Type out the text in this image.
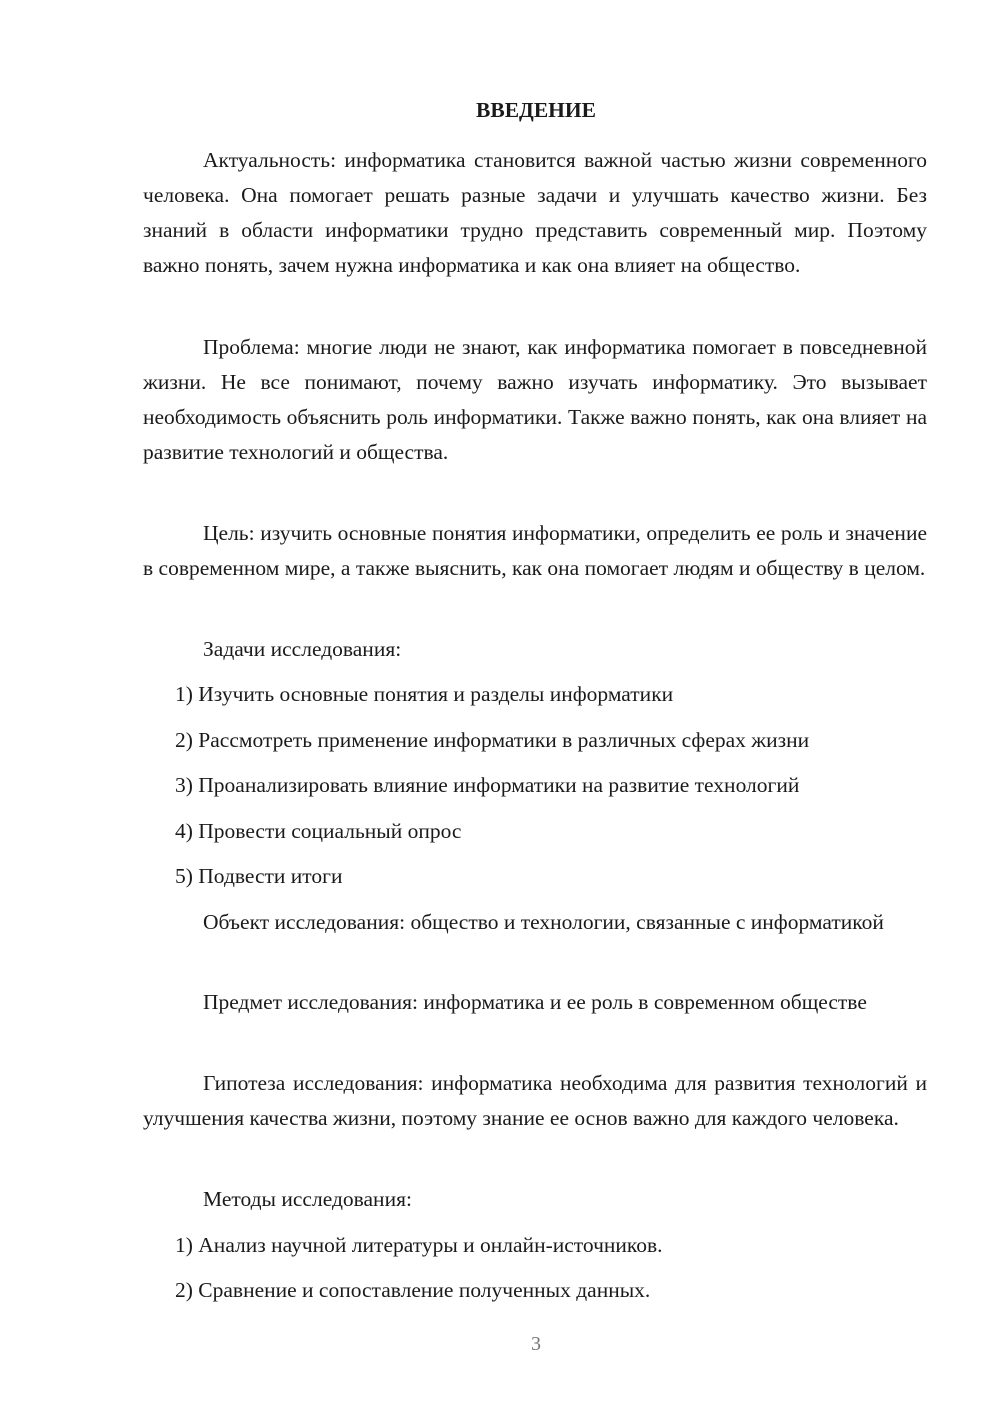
ВВЕДЕНИЕ
Актуальность: информатика становится важной частью жизни современного человека. Она помогает решать разные задачи и улучшать качество жизни. Без знаний в области информатики трудно представить современный мир. Поэтому важно понять, зачем нужна информатика и как она влияет на общество.
Проблема: многие люди не знают, как информатика помогает в повседневной жизни. Не все понимают, почему важно изучать информатику. Это вызывает необходимость объяснить роль информатики. Также важно понять, как она влияет на развитие технологий и общества.
Цель: изучить основные понятия информатики, определить ее роль и значение в современном мире, а также выяснить, как она помогает людям и обществу в целом.
Задачи исследования:
1) Изучить основные понятия и разделы информатики
2) Рассмотреть применение информатики в различных сферах жизни
3) Проанализировать влияние информатики на развитие технологий
4) Провести социальный опрос
5) Подвести итоги
Объект исследования: общество и технологии, связанные с информатикой
Предмет исследования: информатика и ее роль в современном обществе
Гипотеза исследования: информатика необходима для развития технологий и улучшения качества жизни, поэтому знание ее основ важно для каждого человека.
Методы исследования:
1) Анализ научной литературы и онлайн-источников.
2) Сравнение и сопоставление полученных данных.
3
